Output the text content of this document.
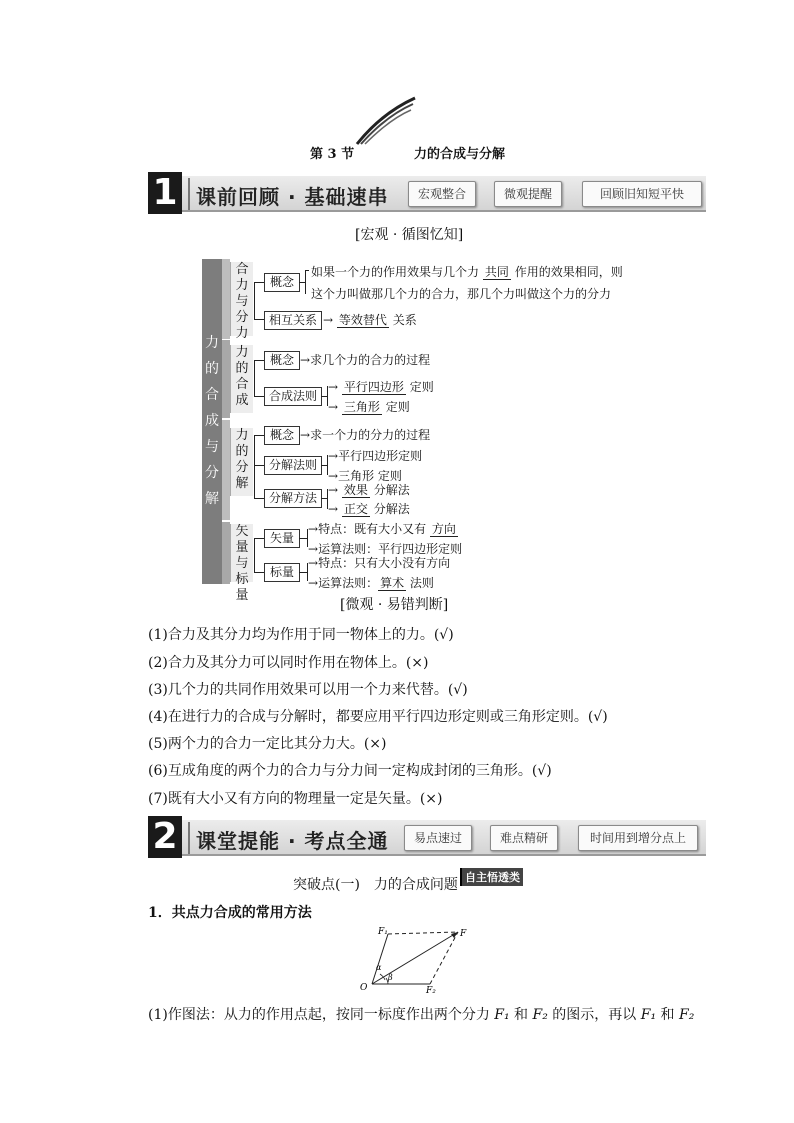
第 3 节	力的合成与分解
1 课前回顾 · 基础速串	宏观整合	微观提醒	回顾旧知短平快
[宏观 · 循图忆知]
力
的
合
成
与
分
解
合
力
与
分
力
力
的
合
成
力
的
分
解
矢
量
与
标
量
概念
如果一个力的作用效果与几个力 共同 作用的效果相同，则
这个力叫做那几个力的合力，那几个力叫做这个力的分力
相互关系 → 等效替代 关系
概念 →求几个力的合力的过程
合成法则
→ 平行四边形 定则
→ 三角形 定则
概念 →求一个力的分力的过程
分解法则
→平行四边形定则
→三角形 定则
分解方法
→ 效果 分解法
→ 正交 分解法
矢量
→特点：既有大小又有 方向
→运算法则：平行四边形定则
标量
→特点：只有大小没有方向
→运算法则： 算术 法则
[微观 · 易错判断]
(1)合力及其分力均为作用于同一物体上的力。(√)
(2)合力及其分力可以同时作用在物体上。(×)
(3)几个力的共同作用效果可以用一个力来代替。(√)
(4)在进行力的合成与分解时，都要应用平行四边形定则或三角形定则。(√)
(5)两个力的合力一定比其分力大。(×)
(6)互成角度的两个力的合力与分力间一定构成封闭的三角形。(√)
(7)既有大小又有方向的物理量一定是矢量。(×)
2 课堂提能 · 考点全通	易点速过	难点精研	时间用到增分点上
突破点(一)　力的合成问题 自主悟透类
1．共点力合成的常用方法
F₁	F
O	F₂
α
β
(1)作图法：从力的作用点起，按同一标度作出两个分力 F₁ 和 F₂ 的图示，再以 F₁ 和 F₂
